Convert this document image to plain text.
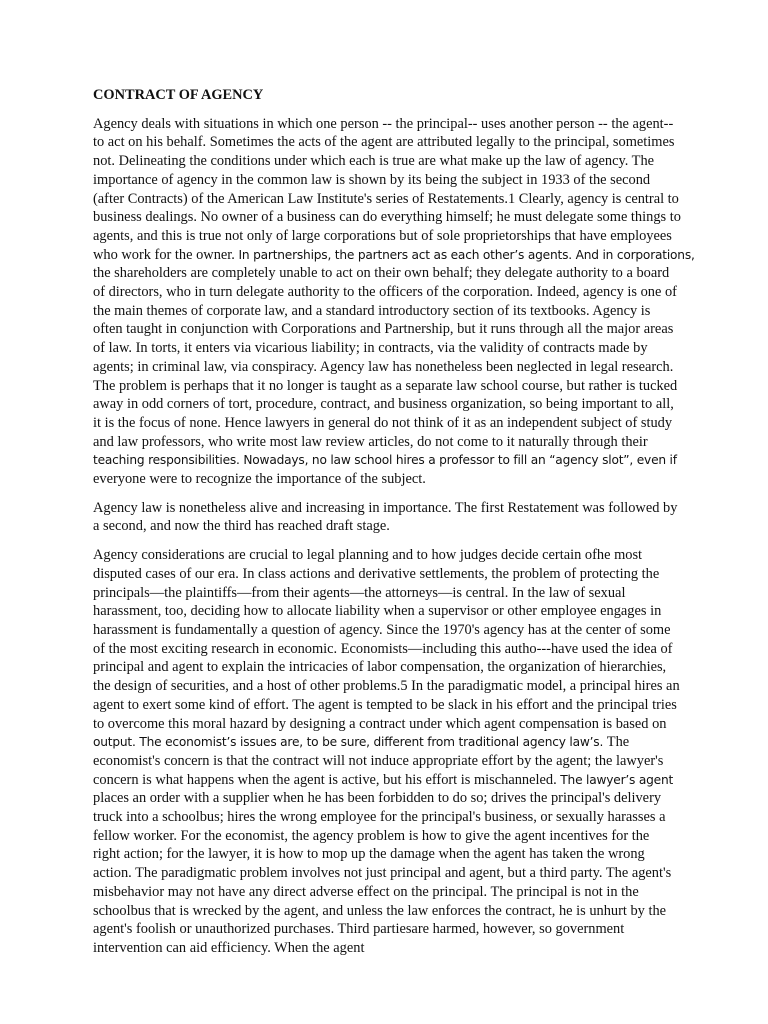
CONTRACT OF AGENCY
Agency deals with situations in which one person -- the principal-- uses another person -- the agent--
to act on his behalf. Sometimes the acts of the agent are attributed legally to the principal, sometimes
not. Delineating the conditions under which each is true are what make up the law of agency. The
importance of agency in the common law is shown by its being the subject in 1933 of the second
(after Contracts) of the American Law Institute's series of Restatements.1 Clearly, agency is central to
business dealings. No owner of a business can do everything himself; he must delegate some things to
agents, and this is true not only of large corporations but of sole proprietorships that have employees
who work for the owner. In partnerships, the partners act as each other’s agents. And in corporations,
the shareholders are completely unable to act on their own behalf; they delegate authority to a board
of directors, who in turn delegate authority to the officers of the corporation. Indeed, agency is one of
the main themes of corporate law, and a standard introductory section of its textbooks. Agency is
often taught in conjunction with Corporations and Partnership, but it runs through all the major areas
of law. In torts, it enters via vicarious liability; in contracts, via the validity of contracts made by
agents; in criminal law, via conspiracy. Agency law has nonetheless been neglected in legal research.
The problem is perhaps that it no longer is taught as a separate law school course, but rather is tucked
away in odd corners of tort, procedure, contract, and business organization, so being important to all,
it is the focus of none. Hence lawyers in general do not think of it as an independent subject of study
and law professors, who write most law review articles, do not come to it naturally through their
teaching responsibilities. Nowadays, no law school hires a professor to fill an “agency slot”, even if
everyone were to recognize the importance of the subject.
Agency law is nonetheless alive and increasing in importance. The first Restatement was followed by
a second, and now the third has reached draft stage.
Agency considerations are crucial to legal planning and to how judges decide certain ofhe most
disputed cases of our era. In class actions and derivative settlements, the problem of protecting the
principals—the plaintiffs—from their agents—the attorneys—is central. In the law of sexual
harassment, too, deciding how to allocate liability when a supervisor or other employee engages in
harassment is fundamentally a question of agency. Since the 1970's agency has at the center of some
of the most exciting research in economic. Economists—including this autho---have used the idea of
principal and agent to explain the intricacies of labor compensation, the organization of hierarchies,
the design of securities, and a host of other problems.5 In the paradigmatic model, a principal hires an
agent to exert some kind of effort. The agent is tempted to be slack in his effort and the principal tries
to overcome this moral hazard by designing a contract under which agent compensation is based on
output. The economist’s issues are, to be sure, different from traditional agency law’s. The
economist's concern is that the contract will not induce appropriate effort by the agent; the lawyer's
concern is what happens when the agent is active, but his effort is mischanneled. The lawyer’s agent
places an order with a supplier when he has been forbidden to do so; drives the principal's delivery
truck into a schoolbus; hires the wrong employee for the principal's business, or sexually harasses a
fellow worker. For the economist, the agency problem is how to give the agent incentives for the
right action; for the lawyer, it is how to mop up the damage when the agent has taken the wrong
action. The paradigmatic problem involves not just principal and agent, but a third party. The agent's
misbehavior may not have any direct adverse effect on the principal. The principal is not in the
schoolbus that is wrecked by the agent, and unless the law enforces the contract, he is unhurt by the
agent's foolish or unauthorized purchases. Third partiesare harmed, however, so government
intervention can aid efficiency. When the agent
